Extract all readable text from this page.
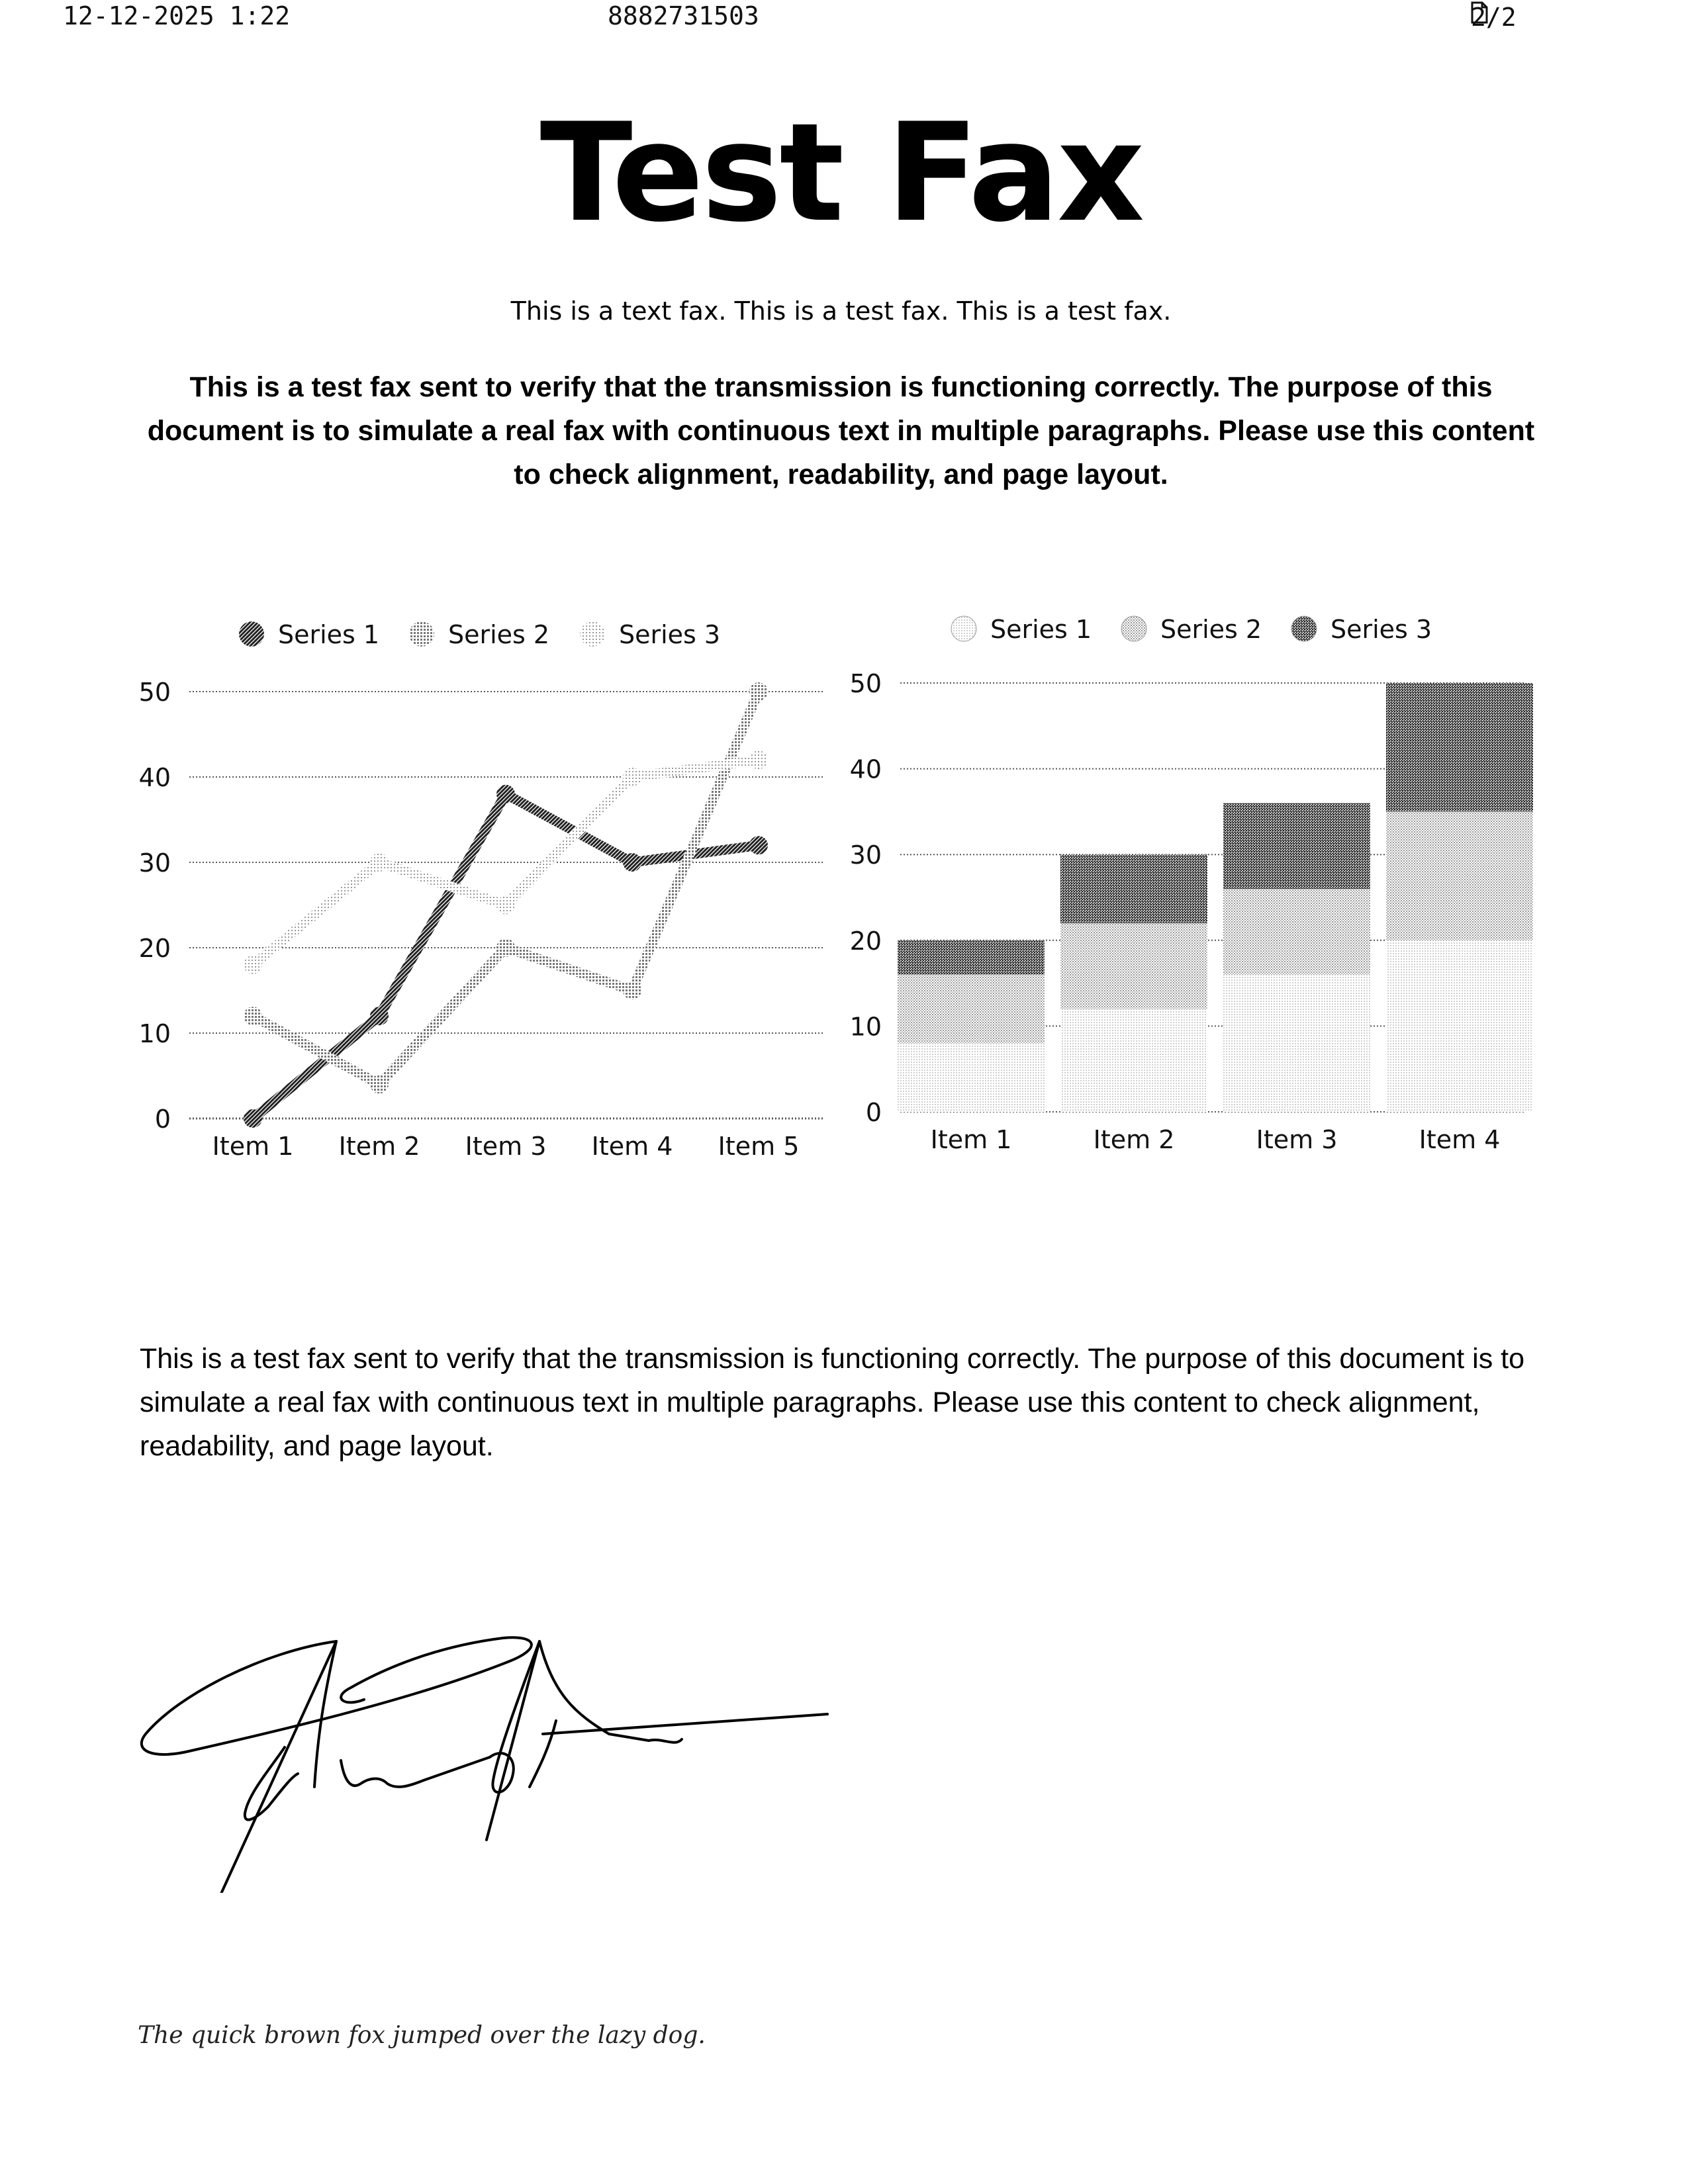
12-12-2025 1:22	8882731503	2/2
Test Fax
This is a text fax. This is a test fax. This is a test fax.
This is a test fax sent to verify that the transmission is functioning correctly. The purpose of this document is to simulate a real fax with continuous text in multiple paragraphs. Please use this content to check alignment, readability, and page layout.
0
10
20
30
40
50
Item 1 Item 2 Item 3 Item 4 Item 5
Series 1	Series 2	Series 3
0
10
20
30
40
50
Item 1	Item 2	Item 3	Item 4
Series 1	Series 2	Series 3
This is a test fax sent to verify that the transmission is functioning correctly. The purpose of this document is to simulate a real fax with continuous text in multiple paragraphs. Please use this content to check alignment, readability, and page layout.
The quick brown fox jumped over the lazy dog.
